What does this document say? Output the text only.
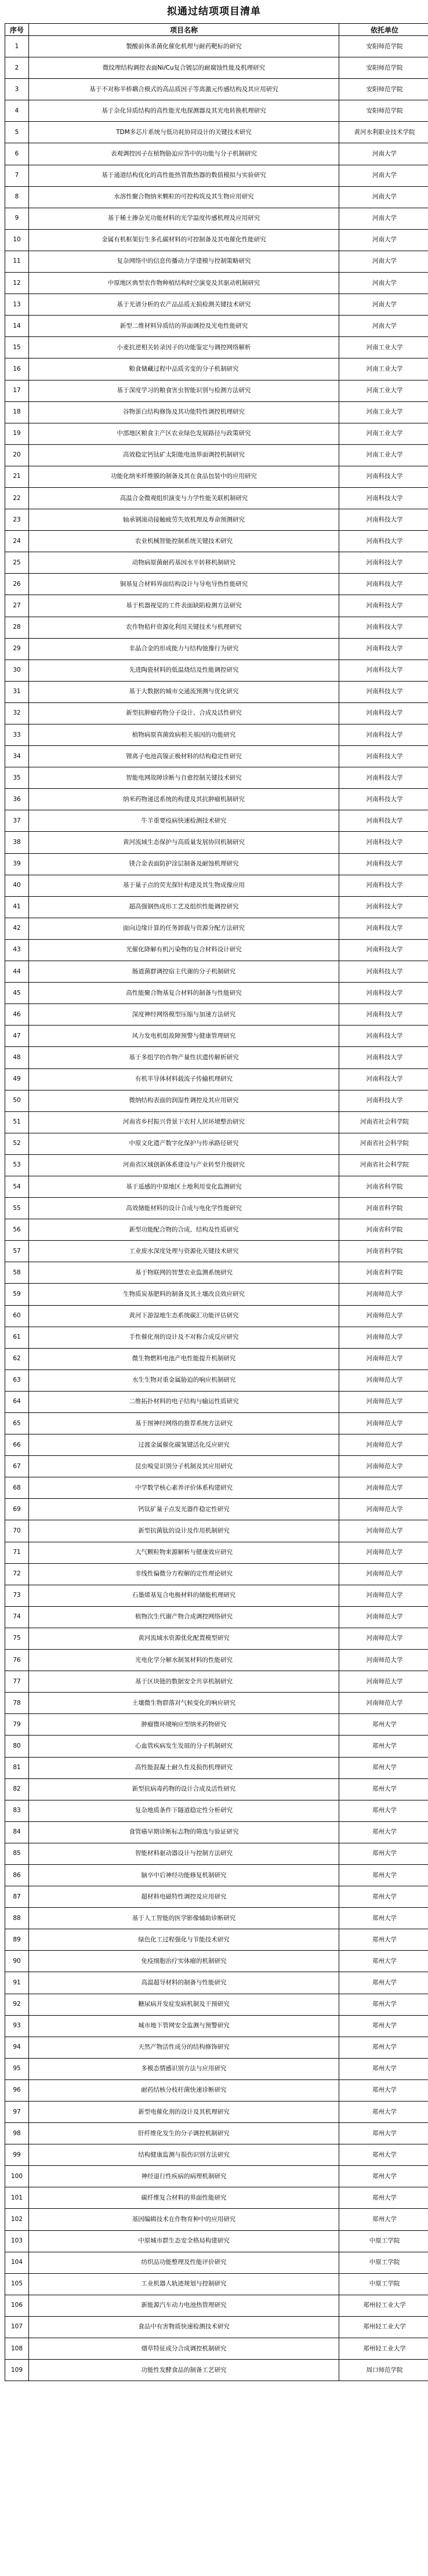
拟通过结项项目清单
序号	项目名称	依托单位
1	製酸前体杀菌化催化机理与耐药靶标的研究	安阳师范学院
2	微纹理结构调控表面Ni/Cu复合镀层的耐腐蚀性能及机理研究	安阳师范学院
3	基于不对称半桥耦合模式的高品质因子等离激元传感结构及其应用研究	安阳师范学院
4	基于杂化异质结构的高性能光电探测器及其光电转换机理研究	安阳师范学院
5	TDM多芯片系统与低功耗协同设计的关键技术研究	黄河水利职业技术学院
6	表观调控因子在植物胁迫应答中的功能与分子机制研究	河南大学
7	基于通道结构优化的高性能热管散热器的数值模拟与实验研究	河南大学
8	水溶性聚合物纳米颗粒的可控构筑及其生物应用研究	河南大学
9	基于稀土掺杂光功能材料的光学温度传感机理及应用研究	河南大学
10	金属有机框架衍生多孔碳材料的可控制备及其电催化性能研究	河南大学
11	复杂网络中的信息传播动力学建模与控制策略研究	河南大学
12	中原地区典型农作物种植结构时空演变及其驱动机制研究	河南大学
13	基于光谱分析的农产品品质无损检测关键技术研究	河南大学
14	新型二维材料异质结的界面调控及光电性能研究	河南大学
15	小麦抗逆相关转录因子的功能鉴定与调控网络解析	河南工业大学
16	粮食储藏过程中品质劣变的分子机制研究	河南工业大学
17	基于深度学习的粮食害虫智能识别与检测方法研究	河南工业大学
18	谷物蛋白结构修饰及其功能特性调控机理研究	河南工业大学
19	中部地区粮食主产区农业绿色发展路径与政策研究	河南工业大学
20	高效稳定钙钛矿太阳能电池界面调控机制研究	河南工业大学
21	功能化纳米纤维膜的制备及其在食品包装中的应用研究	河南科技大学
22	高温合金微观组织演变与力学性能关联机制研究	河南科技大学
23	轴承钢滚动接触疲劳失效机理及寿命预测研究	河南科技大学
24	农业机械智能控制系统关键技术研究	河南科技大学
25	动物病原菌耐药基因水平转移机制研究	河南科技大学
26	铜基复合材料界面结构设计与导电导热性能研究	河南科技大学
27	基于机器视觉的工件表面缺陷检测方法研究	河南科技大学
28	农作物秸秆资源化利用关键技术与机理研究	河南科技大学
29	非晶合金的形成能力与结构弛豫行为研究	河南科技大学
30	先进陶瓷材料的低温烧结及性能调控研究	河南科技大学
31	基于大数据的城市交通流预测与优化研究	河南科技大学
32	新型抗肿瘤药物分子设计、合成及活性研究	河南科技大学
33	植物病原真菌致病相关基因的功能研究	河南科技大学
34	锂离子电池高镍正极材料的结构稳定性研究	河南科技大学
35	智能电网故障诊断与自愈控制关键技术研究	河南科技大学
36	纳米药物递送系统的构建及其抗肿瘤机制研究	河南科技大学
37	牛羊重要疫病快速检测技术研究	河南科技大学
38	黄河流域生态保护与高质量发展协同机制研究	河南科技大学
39	镁合金表面防护涂层制备及耐蚀机理研究	河南科技大学
40	基于量子点的荧光探针构建及其生物成像应用	河南科技大学
41	超高强钢热成形工艺及组织性能调控研究	河南科技大学
42	面向边缘计算的任务卸载与资源分配方法研究	河南科技大学
43	光催化降解有机污染物的复合材料设计研究	河南科技大学
44	肠道菌群调控宿主代谢的分子机制研究	河南科技大学
45	高性能聚合物基复合材料的制备与性能研究	河南科技大学
46	深度神经网络模型压缩与加速方法研究	河南科技大学
47	风力发电机组故障预警与健康管理研究	河南科技大学
48	基于多组学的作物产量性状遗传解析研究	河南科技大学
49	有机半导体材料载流子传输机理研究	河南科技大学
50	微纳结构表面的润湿性调控及其应用研究	河南科技大学
51	河南省乡村振兴背景下农村人居环境整治研究	河南省社会科学院
52	中原文化遗产数字化保护与传承路径研究	河南省社会科学院
53	河南省区域创新体系建设与产业转型升级研究	河南省社会科学院
54	基于遥感的中原地区土地利用变化监测研究	河南省科学院
55	高效储能材料的设计合成与电化学性能研究	河南省科学院
56	新型功能配合物的合成、结构及性质研究	河南省科学院
57	工业废水深度处理与资源化关键技术研究	河南省科学院
58	基于物联网的智慧农业监测系统研究	河南省科学院
59	生物质炭基肥料的制备及其土壤改良效应研究	河南师范大学
60	黄河下游湿地生态系统碳汇功能评估研究	河南师范大学
61	手性催化剂的设计及不对称合成反应研究	河南师范大学
62	微生物燃料电池产电性能提升机制研究	河南师范大学
63	水生生物对重金属胁迫的响应机制研究	河南师范大学
64	二维拓扑材料的电子结构与输运性质研究	河南师范大学
65	基于图神经网络的推荐系统方法研究	河南师范大学
66	过渡金属催化碳氢键活化反应研究	河南师范大学
67	昆虫嗅觉识别分子机制及其应用研究	河南师范大学
68	中学数学核心素养评价体系构建研究	河南师范大学
69	钙钛矿量子点发光器件稳定性研究	河南师范大学
70	新型抗菌肽的设计及作用机制研究	河南师范大学
71	大气颗粒物来源解析与健康效应研究	河南师范大学
72	非线性偏微分方程解的定性理论研究	河南师范大学
73	石墨烯基复合电极材料的储能机理研究	河南师范大学
74	植物次生代谢产物合成调控网络研究	河南师范大学
75	黄河流域水资源优化配置模型研究	河南师范大学
76	光电化学分解水制氢材料的性能研究	河南师范大学
77	基于区块链的数据安全共享机制研究	河南师范大学
78	土壤微生物群落对气候变化的响应研究	河南师范大学
79	肿瘤微环境响应型纳米药物研究	郑州大学
80	心血管疾病发生发展的分子机制研究	郑州大学
81	高性能混凝土耐久性及损伤机理研究	郑州大学
82	新型抗病毒药物的设计合成及活性研究	郑州大学
83	复杂地质条件下隧道稳定性分析研究	郑州大学
84	食管癌早期诊断标志物的筛选与验证研究	郑州大学
85	智能材料驱动器设计与控制方法研究	郑州大学
86	脑卒中后神经功能修复机制研究	郑州大学
87	超材料电磁特性调控及应用研究	郑州大学
88	基于人工智能的医学影像辅助诊断研究	郑州大学
89	绿色化工过程强化与节能技术研究	郑州大学
90	免疫细胞治疗实体瘤的机制研究	郑州大学
91	高温超导材料的制备与性能研究	郑州大学
92	糖尿病并发症发病机制及干预研究	郑州大学
93	城市地下管网安全监测与预警研究	郑州大学
94	天然产物活性成分的结构修饰研究	郑州大学
95	多模态情感识别方法与应用研究	郑州大学
96	耐药结核分枝杆菌快速诊断研究	郑州大学
97	新型电催化剂的设计及其机理研究	郑州大学
98	肝纤维化发生的分子调控机制研究	郑州大学
99	结构健康监测与损伤识别方法研究	郑州大学
100	神经退行性疾病的病理机制研究	郑州大学
101	碳纤维复合材料的界面性能研究	郑州大学
102	基因编辑技术在作物育种中的应用研究	郑州大学
103	中原城市群生态安全格局构建研究	中原工学院
104	纺织品功能整理及性能评价研究	中原工学院
105	工业机器人轨迹规划与控制研究	中原工学院
106	新能源汽车动力电池热管理研究	郑州轻工业大学
107	食品中有害物质快速检测技术研究	郑州轻工业大学
108	烟草特征成分合成调控机制研究	郑州轻工业大学
109	功能性发酵食品的制备工艺研究	周口师范学院
